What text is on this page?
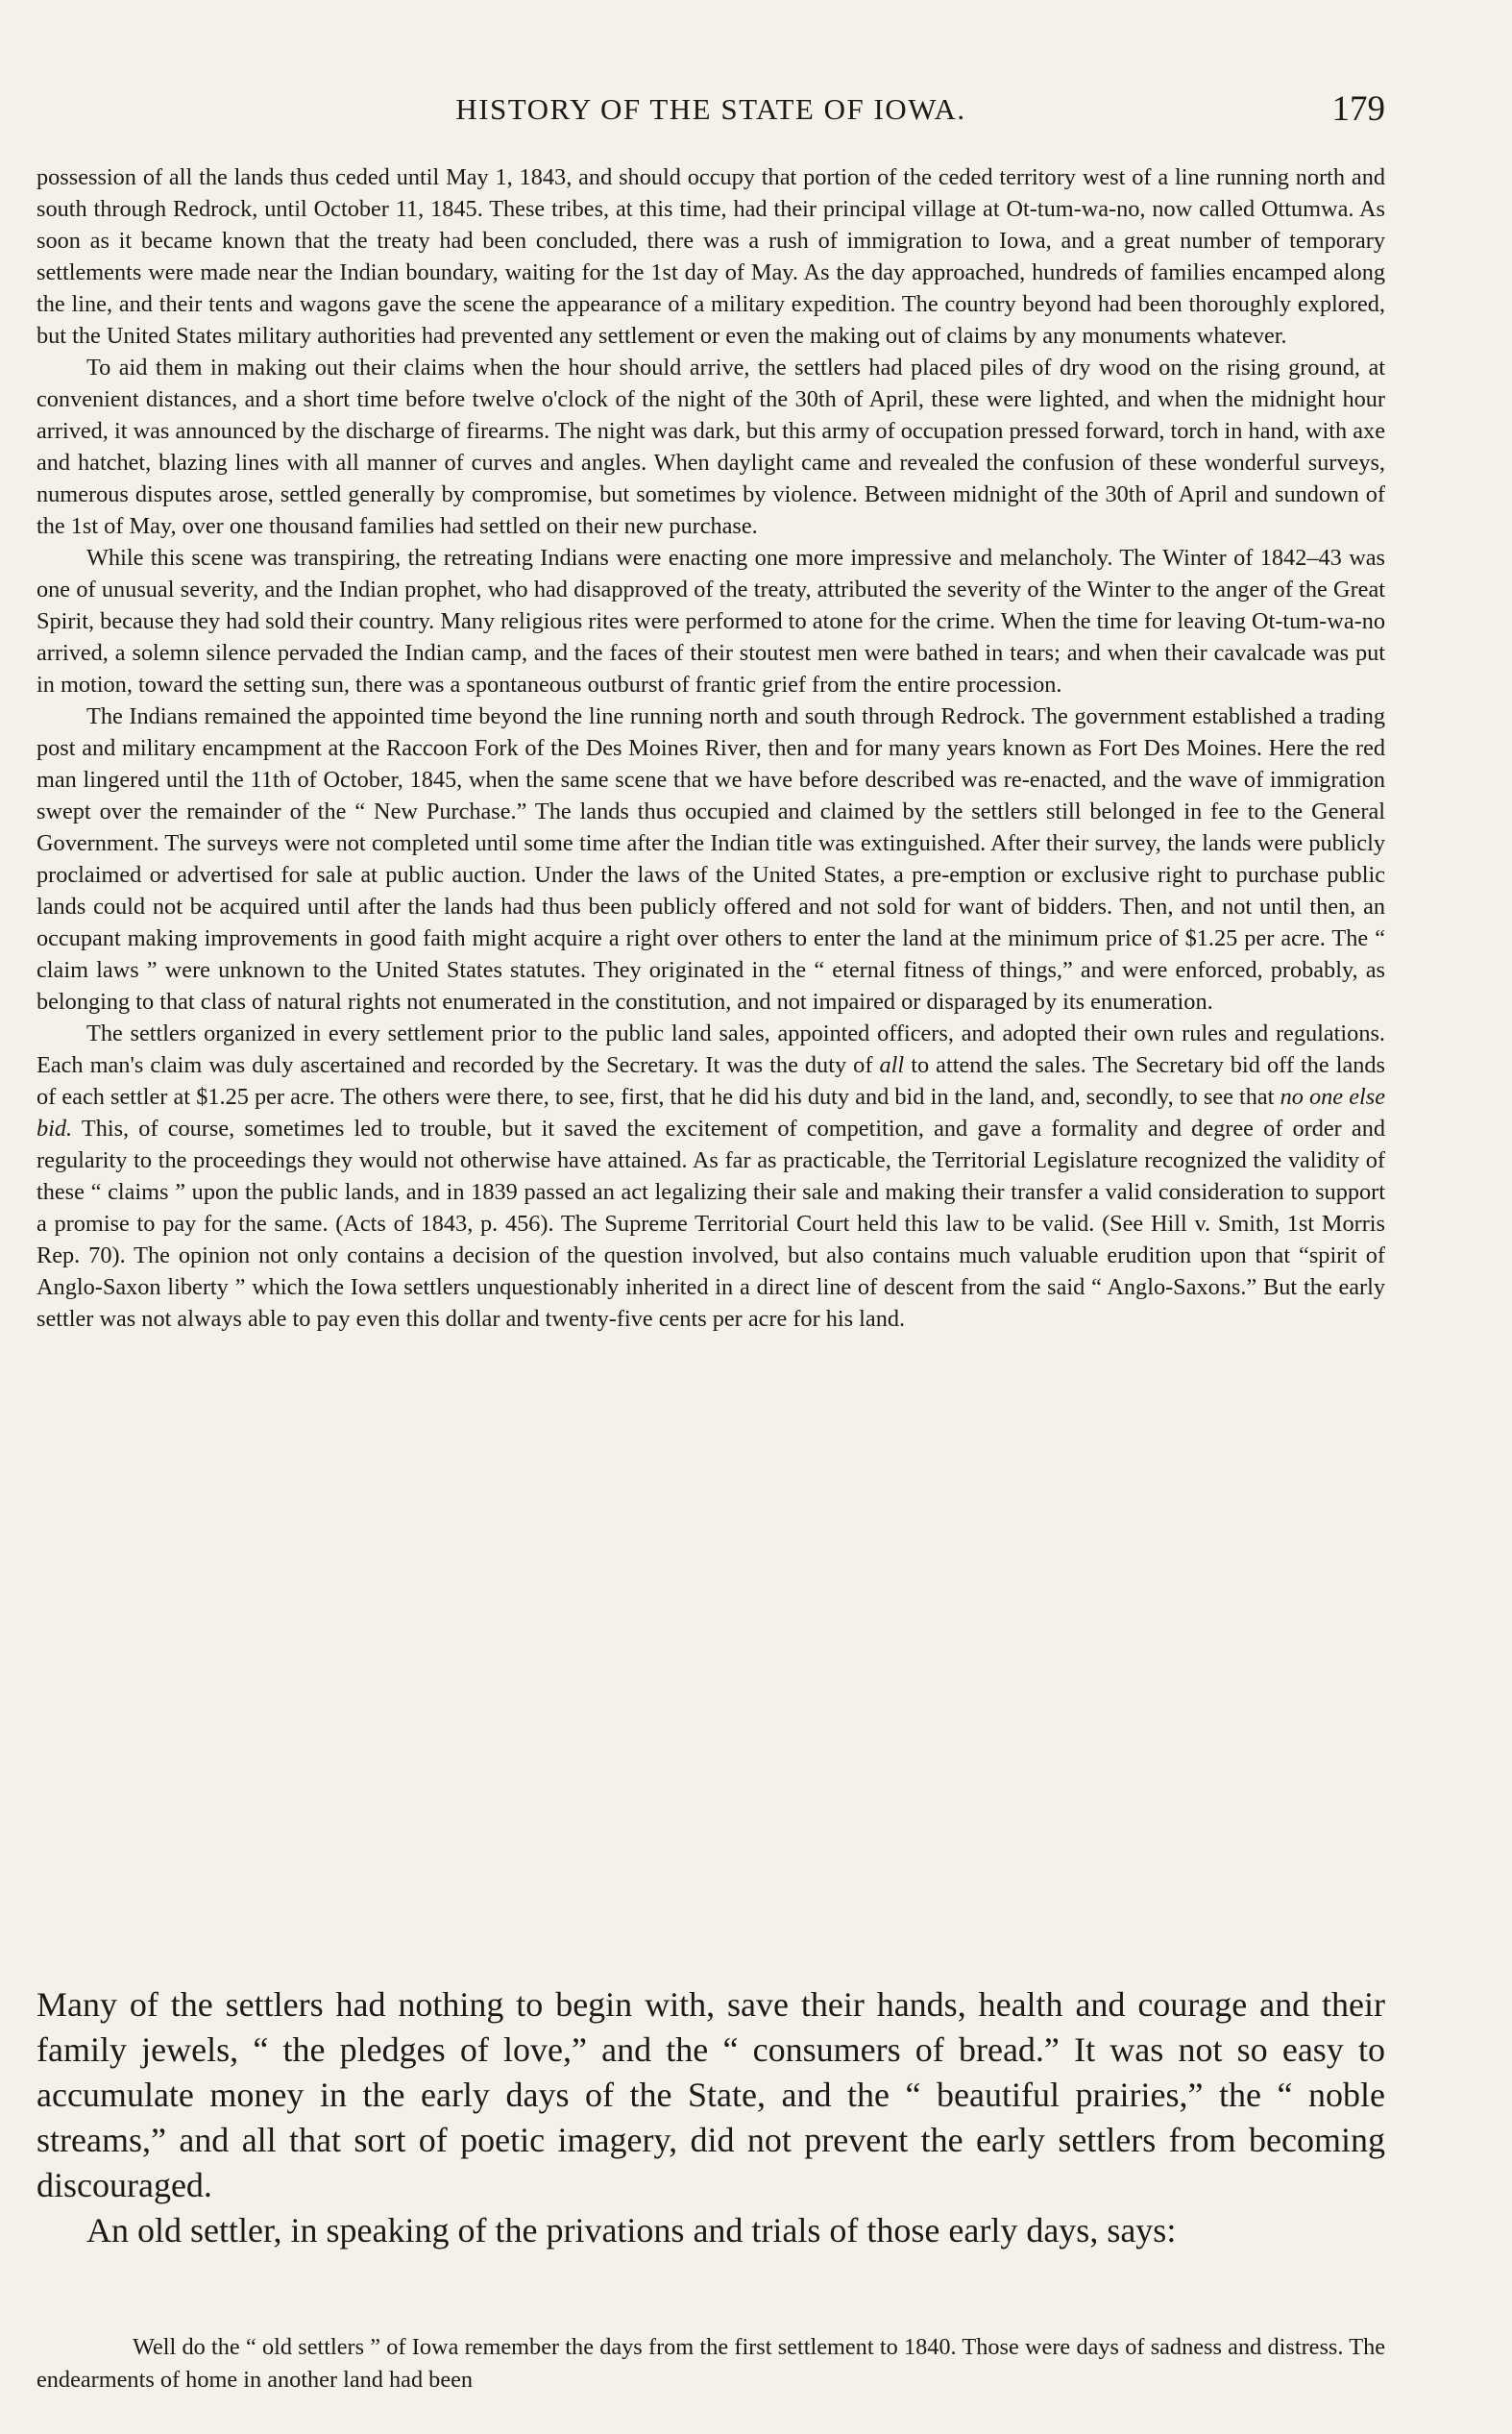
HISTORY OF THE STATE OF IOWA.	179

possession of all the lands thus ceded until May 1, 1843, and should occupy that portion of the ceded territory west of a line running north and south through Redrock, until October 11, 1845. These tribes, at this time, had their principal village at Ot-tum-wa-no, now called Ottumwa. As soon as it became known that the treaty had been concluded, there was a rush of immigration to Iowa, and a great number of temporary settlements were made near the Indian boundary, waiting for the 1st day of May. As the day approached, hundreds of families encamped along the line, and their tents and wagons gave the scene the appearance of a military expedition. The country beyond had been thoroughly explored, but the United States military authorities had prevented any settlement or even the making out of claims by any monuments whatever.

To aid them in making out their claims when the hour should arrive, the settlers had placed piles of dry wood on the rising ground, at convenient distances, and a short time before twelve o'clock of the night of the 30th of April, these were lighted, and when the midnight hour arrived, it was announced by the discharge of firearms. The night was dark, but this army of occupation pressed forward, torch in hand, with axe and hatchet, blazing lines with all manner of curves and angles. When daylight came and revealed the confusion of these wonderful surveys, numerous disputes arose, settled generally by compromise, but sometimes by violence. Between midnight of the 30th of April and sundown of the 1st of May, over one thousand families had settled on their new purchase.

While this scene was transpiring, the retreating Indians were enacting one more impressive and melancholy. The Winter of 1842–43 was one of unusual severity, and the Indian prophet, who had disapproved of the treaty, attributed the severity of the Winter to the anger of the Great Spirit, because they had sold their country. Many religious rites were performed to atone for the crime. When the time for leaving Ot-tum-wa-no arrived, a solemn silence pervaded the Indian camp, and the faces of their stoutest men were bathed in tears; and when their cavalcade was put in motion, toward the setting sun, there was a spontaneous outburst of frantic grief from the entire procession.

The Indians remained the appointed time beyond the line running north and south through Redrock. The government established a trading post and military encampment at the Raccoon Fork of the Des Moines River, then and for many years known as Fort Des Moines. Here the red man lingered until the 11th of October, 1845, when the same scene that we have before described was re-enacted, and the wave of immigration swept over the remainder of the “ New Purchase.” The lands thus occupied and claimed by the settlers still belonged in fee to the General Government. The surveys were not completed until some time after the Indian title was extinguished. After their survey, the lands were publicly proclaimed or advertised for sale at public auction. Under the laws of the United States, a pre-emption or exclusive right to purchase public lands could not be acquired until after the lands had thus been publicly offered and not sold for want of bidders. Then, and not until then, an occupant making improvements in good faith might acquire a right over others to enter the land at the minimum price of $1.25 per acre. The “ claim laws ” were unknown to the United States statutes. They originated in the “ eternal fitness of things,” and were enforced, probably, as belonging to that class of natural rights not enumerated in the constitution, and not impaired or disparaged by its enumeration.

The settlers organized in every settlement prior to the public land sales, appointed officers, and adopted their own rules and regulations. Each man's claim was duly ascertained and recorded by the Secretary. It was the duty of all to attend the sales. The Secretary bid off the lands of each settler at $1.25 per acre. The others were there, to see, first, that he did his duty and bid in the land, and, secondly, to see that no one else bid. This, of course, sometimes led to trouble, but it saved the excitement of competition, and gave a formality and degree of order and regularity to the proceedings they would not otherwise have attained. As far as practicable, the Territorial Legislature recognized the validity of these “ claims ” upon the public lands, and in 1839 passed an act legalizing their sale and making their transfer a valid consideration to support a promise to pay for the same. (Acts of 1843, p. 456). The Supreme Territorial Court held this law to be valid. (See Hill v. Smith, 1st Morris Rep. 70). The opinion not only contains a decision of the question involved, but also contains much valuable erudition upon that “spirit of Anglo-Saxon liberty ” which the Iowa settlers unquestionably inherited in a direct line of descent from the said “ Anglo-Saxons.” But the early settler was not always able to pay even this dollar and twenty-five cents per acre for his land.

Many of the settlers had nothing to begin with, save their hands, health and courage and their family jewels, “ the pledges of love,” and the “ consumers of bread.” It was not so easy to accumulate money in the early days of the State, and the “ beautiful prairies,” the “ noble streams,” and all that sort of poetic imagery, did not prevent the early settlers from becoming discouraged.

An old settler, in speaking of the privations and trials of those early days, says:

Well do the “ old settlers ” of Iowa remember the days from the first settlement to 1840. Those were days of sadness and distress. The endearments of home in another land had been
